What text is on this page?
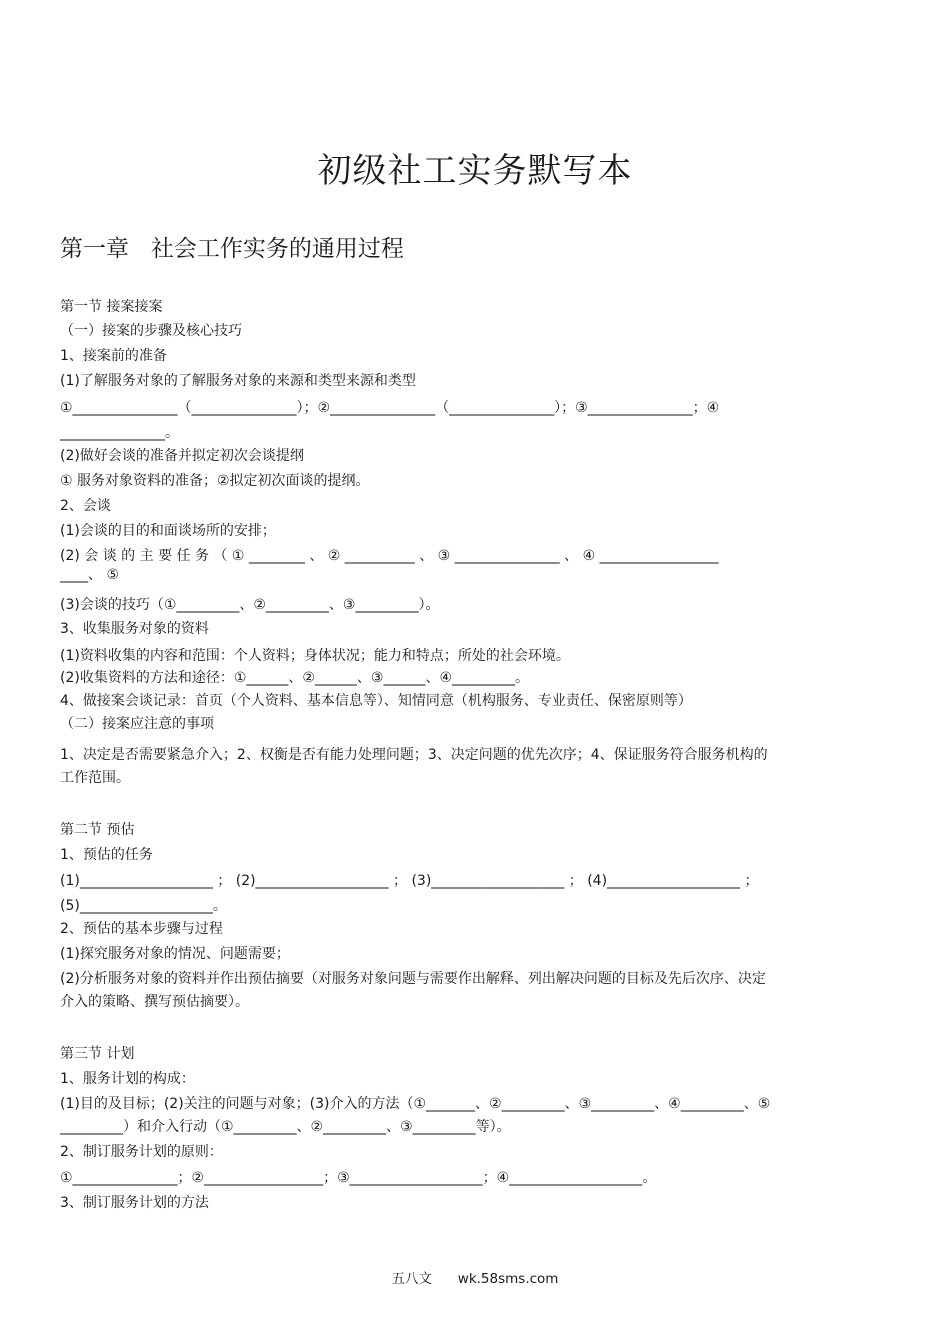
初级社工实务默写本
第一章   社会工作实务的通用过程
第一节 接案接案
（一）接案的步骤及核心技巧
1、接案前的准备
(1)了解服务对象的了解服务对象的来源和类型来源和类型
①_______________（_______________）；②_______________（_______________）；③_______________；④
_______________。
(2)做好会谈的准备并拟定初次会谈提纲
① 服务对象资料的准备；②拟定初次面谈的提纲。
2、会谈
(1)会谈的目的和面谈场所的安排；
(2) 会 谈 的 主 要 任 务 （ ① ________ 、 ② __________ 、 ③ _______________ 、 ④ _________________
____、 ⑤
(3)会谈的技巧（①_________、②_________、③_________）。
3、收集服务对象的资料
(1)资料收集的内容和范围：个人资料；身体状况；能力和特点；所处的社会环境。
(2)收集资料的方法和途径：①______、②______、③______、④_________。
4、做接案会谈记录：首页（个人资料、基本信息等）、知情同意（机构服务、专业责任、保密原则等）
（二）接案应注意的事项
1、决定是否需要紧急介入；2、权衡是否有能力处理问题；3、决定问题的优先次序；4、保证服务符合服务机构的
工作范围。
第二节 预估
1、预估的任务
(1)___________________ ； (2)___________________ ； (3)___________________ ； (4)___________________ ；
(5)___________________。
2、预估的基本步骤与过程
(1)探究服务对象的情况、问题需要；
(2)分析服务对象的资料并作出预估摘要（对服务对象问题与需要作出解释、列出解决问题的目标及先后次序、决定
介入的策略、撰写预估摘要）。
第三节 计划
1、服务计划的构成：
(1)目的及目标；(2)关注的问题与对象；(3)介入的方法（①_______、②_________、③_________、④_________、⑤
_________）和介入行动（①_________、②_________、③_________等）。
2、制订服务计划的原则：
①_______________；②_________________；③___________________；④___________________。
3、制订服务计划的方法
五八文 wk.58sms.com
